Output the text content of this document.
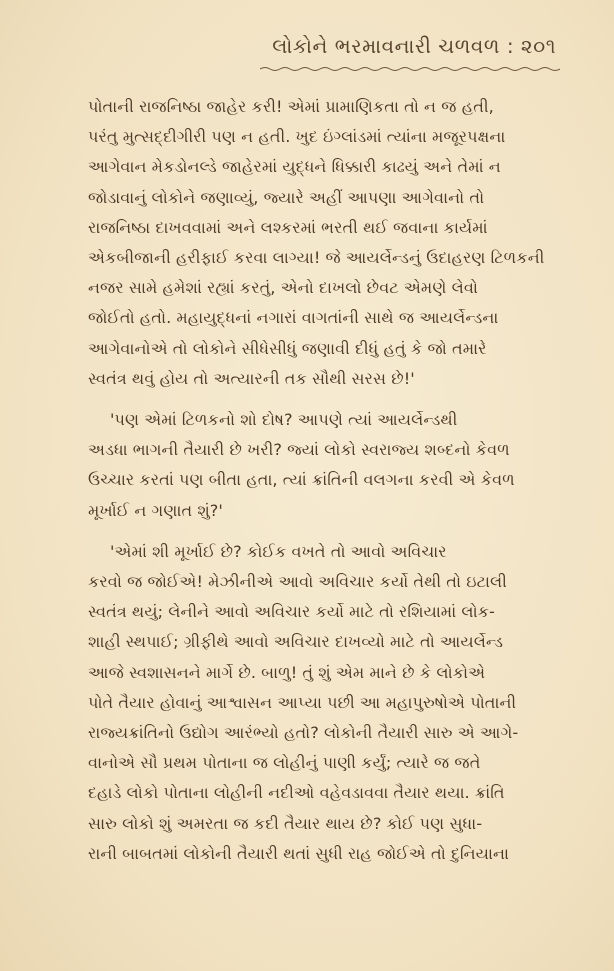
લોકોને ભરમાવનારી ચળવળ : ૨૦૧
પોતાની રાજનિષ્ઠા જાહેર કરી! એમાં પ્રામાણિકતા તો ન જ હતી,
પરંતુ મુત્સદ્દીગીરી પણ ન હતી. ખુદ ઇંગ્લાંડમાં ત્યાંના મજૂરપક્ષના
આગેવાન મેકડોનલ્ડે જાહેરમાં યુદ્ધને ધિક્કારી કાઢયું અને તેમાં ન
જોડાવાનું લોકોને જણાવ્યું, જ્યારે અહીં આપણા આગેવાનો તો
રાજનિષ્ઠા દાખવવામાં અને લશ્કરમાં ભરતી થઈ જવાના કાર્યમાં
એકબીજાની હરીફાઈ કરવા લાગ્યા! જે આયર્લેન્ડનું ઉદાહરણ ટિળકની
નજર સામે હમેશાં રહ્યાં કરતું, એનો દાખલો છેવટ એમણે લેવો
જોઈતો હતો. મહાયુદ્ધનાં નગારાં વાગતાંની સાથે જ આયર્લેન્ડના
આગેવાનોએ તો લોકોને સીધેસીધું જણાવી દીધું હતું કે જો તમારે
સ્વતંત્ર થવું હોય તો અત્યારની તક સૌથી સરસ છે!'
'પણ એમાં ટિળકનો શો દોષ? આપણે ત્યાં આયર્લેન્ડથી
અડધા ભાગની તૈયારી છે ખરી? જ્યાં લોકો સ્વરાજ્ય શબ્દનો કેવળ
ઉચ્ચાર કરતાં પણ બીતા હતા, ત્યાં ક્રાંતિની વલગના કરવી એ કેવળ
મૂર્ખાઈ ન ગણાત શું?'
'એમાં શી મૂર્ખાઈ છે? કોઈક વખતે તો આવો અવિચાર
કરવો જ જોઈએ! મેઝીનીએ આવો અવિચાર કર્યો તેથી તો ઇટાલી
સ્વતંત્ર થયું; લેનીને આવો અવિચાર કર્યો માટે તો રશિયામાં લોક-
શાહી સ્થપાઈ; ગ્રીફીથે આવો અવિચાર દાખવ્યો માટે તો આયર્લેન્ડ
આજે સ્વશાસનને માર્ગે છે. બાળુ! તું શું એમ માને છે કે લોકોએ
પોતે તૈયાર હોવાનું આશ્વાસન આપ્યા પછી આ મહાપુરુષોએ પોતાની
રાજ્યક્રાંતિનો ઉદ્યોગ આરંભ્યો હતો? લોકોની તૈયારી સારુ એ આગે-
વાનોએ સૌ પ્રથમ પોતાના જ લોહીનું પાણી કર્યું; ત્યારે જ જતે
દહાડે લોકો પોતાના લોહીની નદીઓ વહેવડાવવા તૈયાર થયા. ક્રાંતિ
સારુ લોકો શું અમરતા જ કદી તૈયાર થાય છે? કોઈ પણ સુધા-
રાની બાબતમાં લોકોની તૈયારી થતાં સુધી રાહ જોઈએ તો દુનિયાના
